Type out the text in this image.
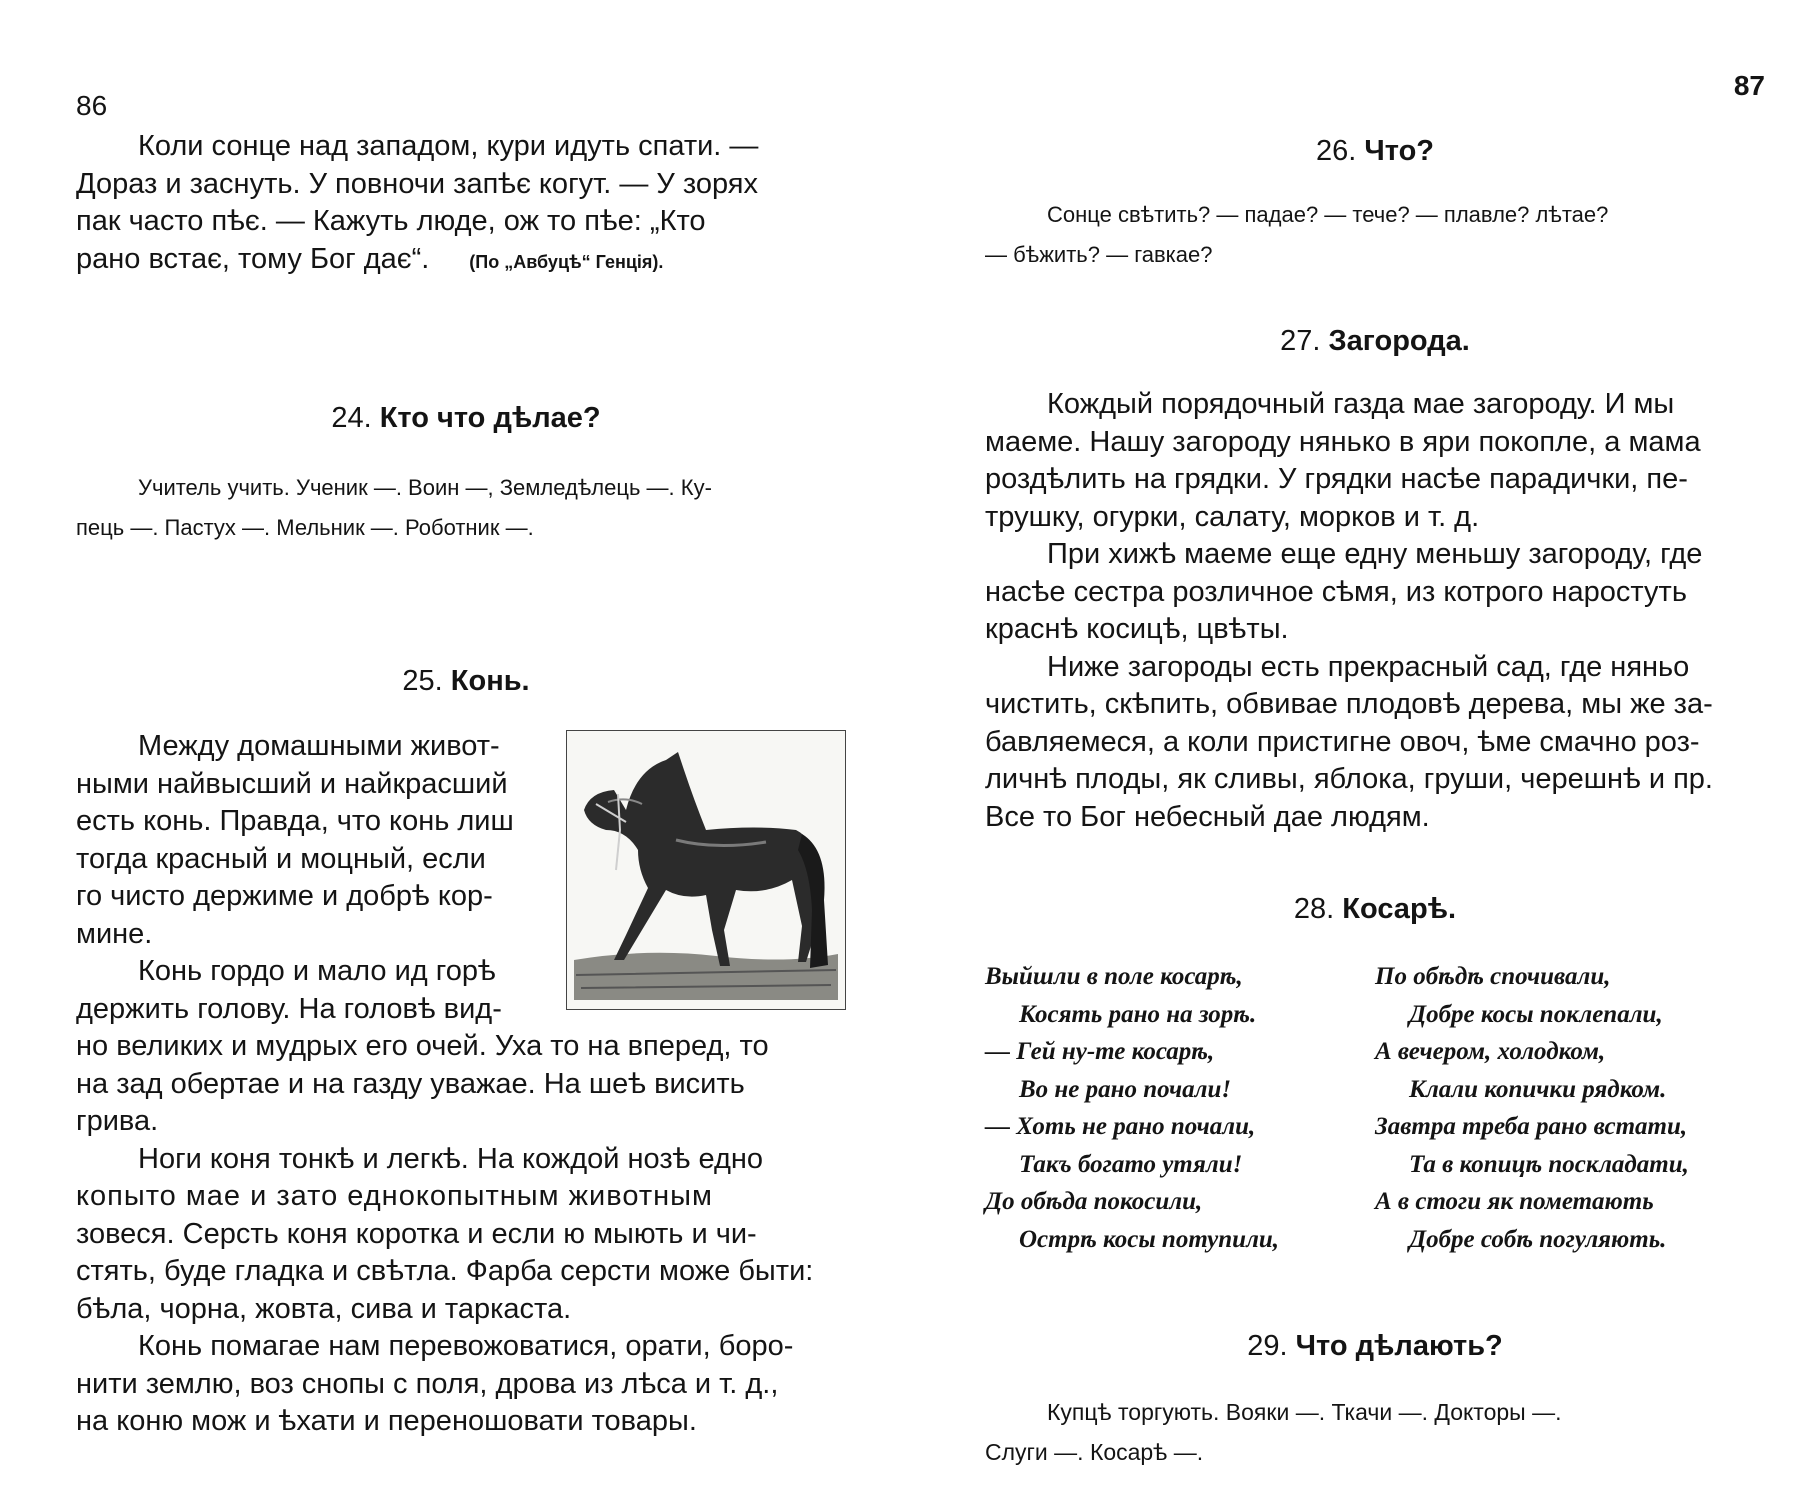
86

Коли сонце над западом, кури идуть спати. —

Дораз и заснуть. У повночи запѣє когут. — У зорях

пак часто пѣє. — Кажуть люде, ож то пѣе: „Кто

рано встає, тому Бог дає“. (По „Авбуцѣ“ Генція).

24. Кто что дѣлае?

Учитель учить. Ученик —. Воин —, Земледѣлець —. Ку-

пець —. Пастух —. Мельник —. Роботник —.

25. Конь.

Между домашными живот-

ными найвысший и найкрасший

есть конь. Правда, что конь лиш

тогда красный и моцный, если

го чисто держиме и добрѣ кор-

мине.

Конь гордо и мало ид горѣ

держить голову. На головѣ вид-

но великих и мудрых его очей. Уха то на вперед, то

на зад обертае и на газду уважае. На шеѣ висить

грива.

Ноги коня тонкѣ и легкѣ. На кождой нозѣ едно

копыто мае и зато еднокопытным животным

зовеся. Серсть коня коротка и если ю мыють и чи-

стять, буде гладка и свѣтла. Фарба серсти може быти:

бѣла, чорна, жовта, сива и таркаста.

Конь помагае нам перевожоватися, орати, боро-

нити землю, воз снопы с поля, дрова из лѣса и т. д.,

на коню мож и ѣхати и переношовати товары.

87
26. Что?

Сонце свѣтить? — падае? — тече? — плавле? лѣтае?

— бѣжить? — гавкае?

27. Загорода.

Кождый порядочный газда мае загороду. И мы

маеме. Нашу загороду нянько в яри покопле, а мама

роздѣлить на грядки. У грядки насѣе парадички, пе-

трушку, огурки, салату, морков и т. д.

При хижѣ маеме еще едну меньшу загороду, где

насѣе сестра розличное сѣмя, из котрого наростуть

краснѣ косицѣ, цвѣты.

Ниже загороды есть прекрасный сад, где няньо

чистить, скѣпить, обвивае плодовѣ дерева, мы же за-

бавляемеся, а коли пристигне овоч, ѣме смачно роз-

личнѣ плоды, як сливы, яблока, груши, черешнѣ и пр.

Все то Бог небесный дае людям.

28. Косарѣ.
Выйшли в поле косарѣ,
Косять рано на зорѣ.
— Гей ну-те косарѣ,
Во не рано почали!
— Хоть не рано почали,
Такъ богато утяли!
До обѣда покосили,
Острѣ косы потупили,
По обѣдѣ спочивали,
Добре косы поклепали,
А вечером, холодком,
Клали копички рядком.
Завтра треба рано встати,
Та в копицѣ посклaдати,
А в стоги як пометають
Добре собѣ погуляють.
29. Что дѣлають?

Купцѣ торгують. Вояки —. Ткачи —. Докторы —.

Слуги —. Косарѣ —.
